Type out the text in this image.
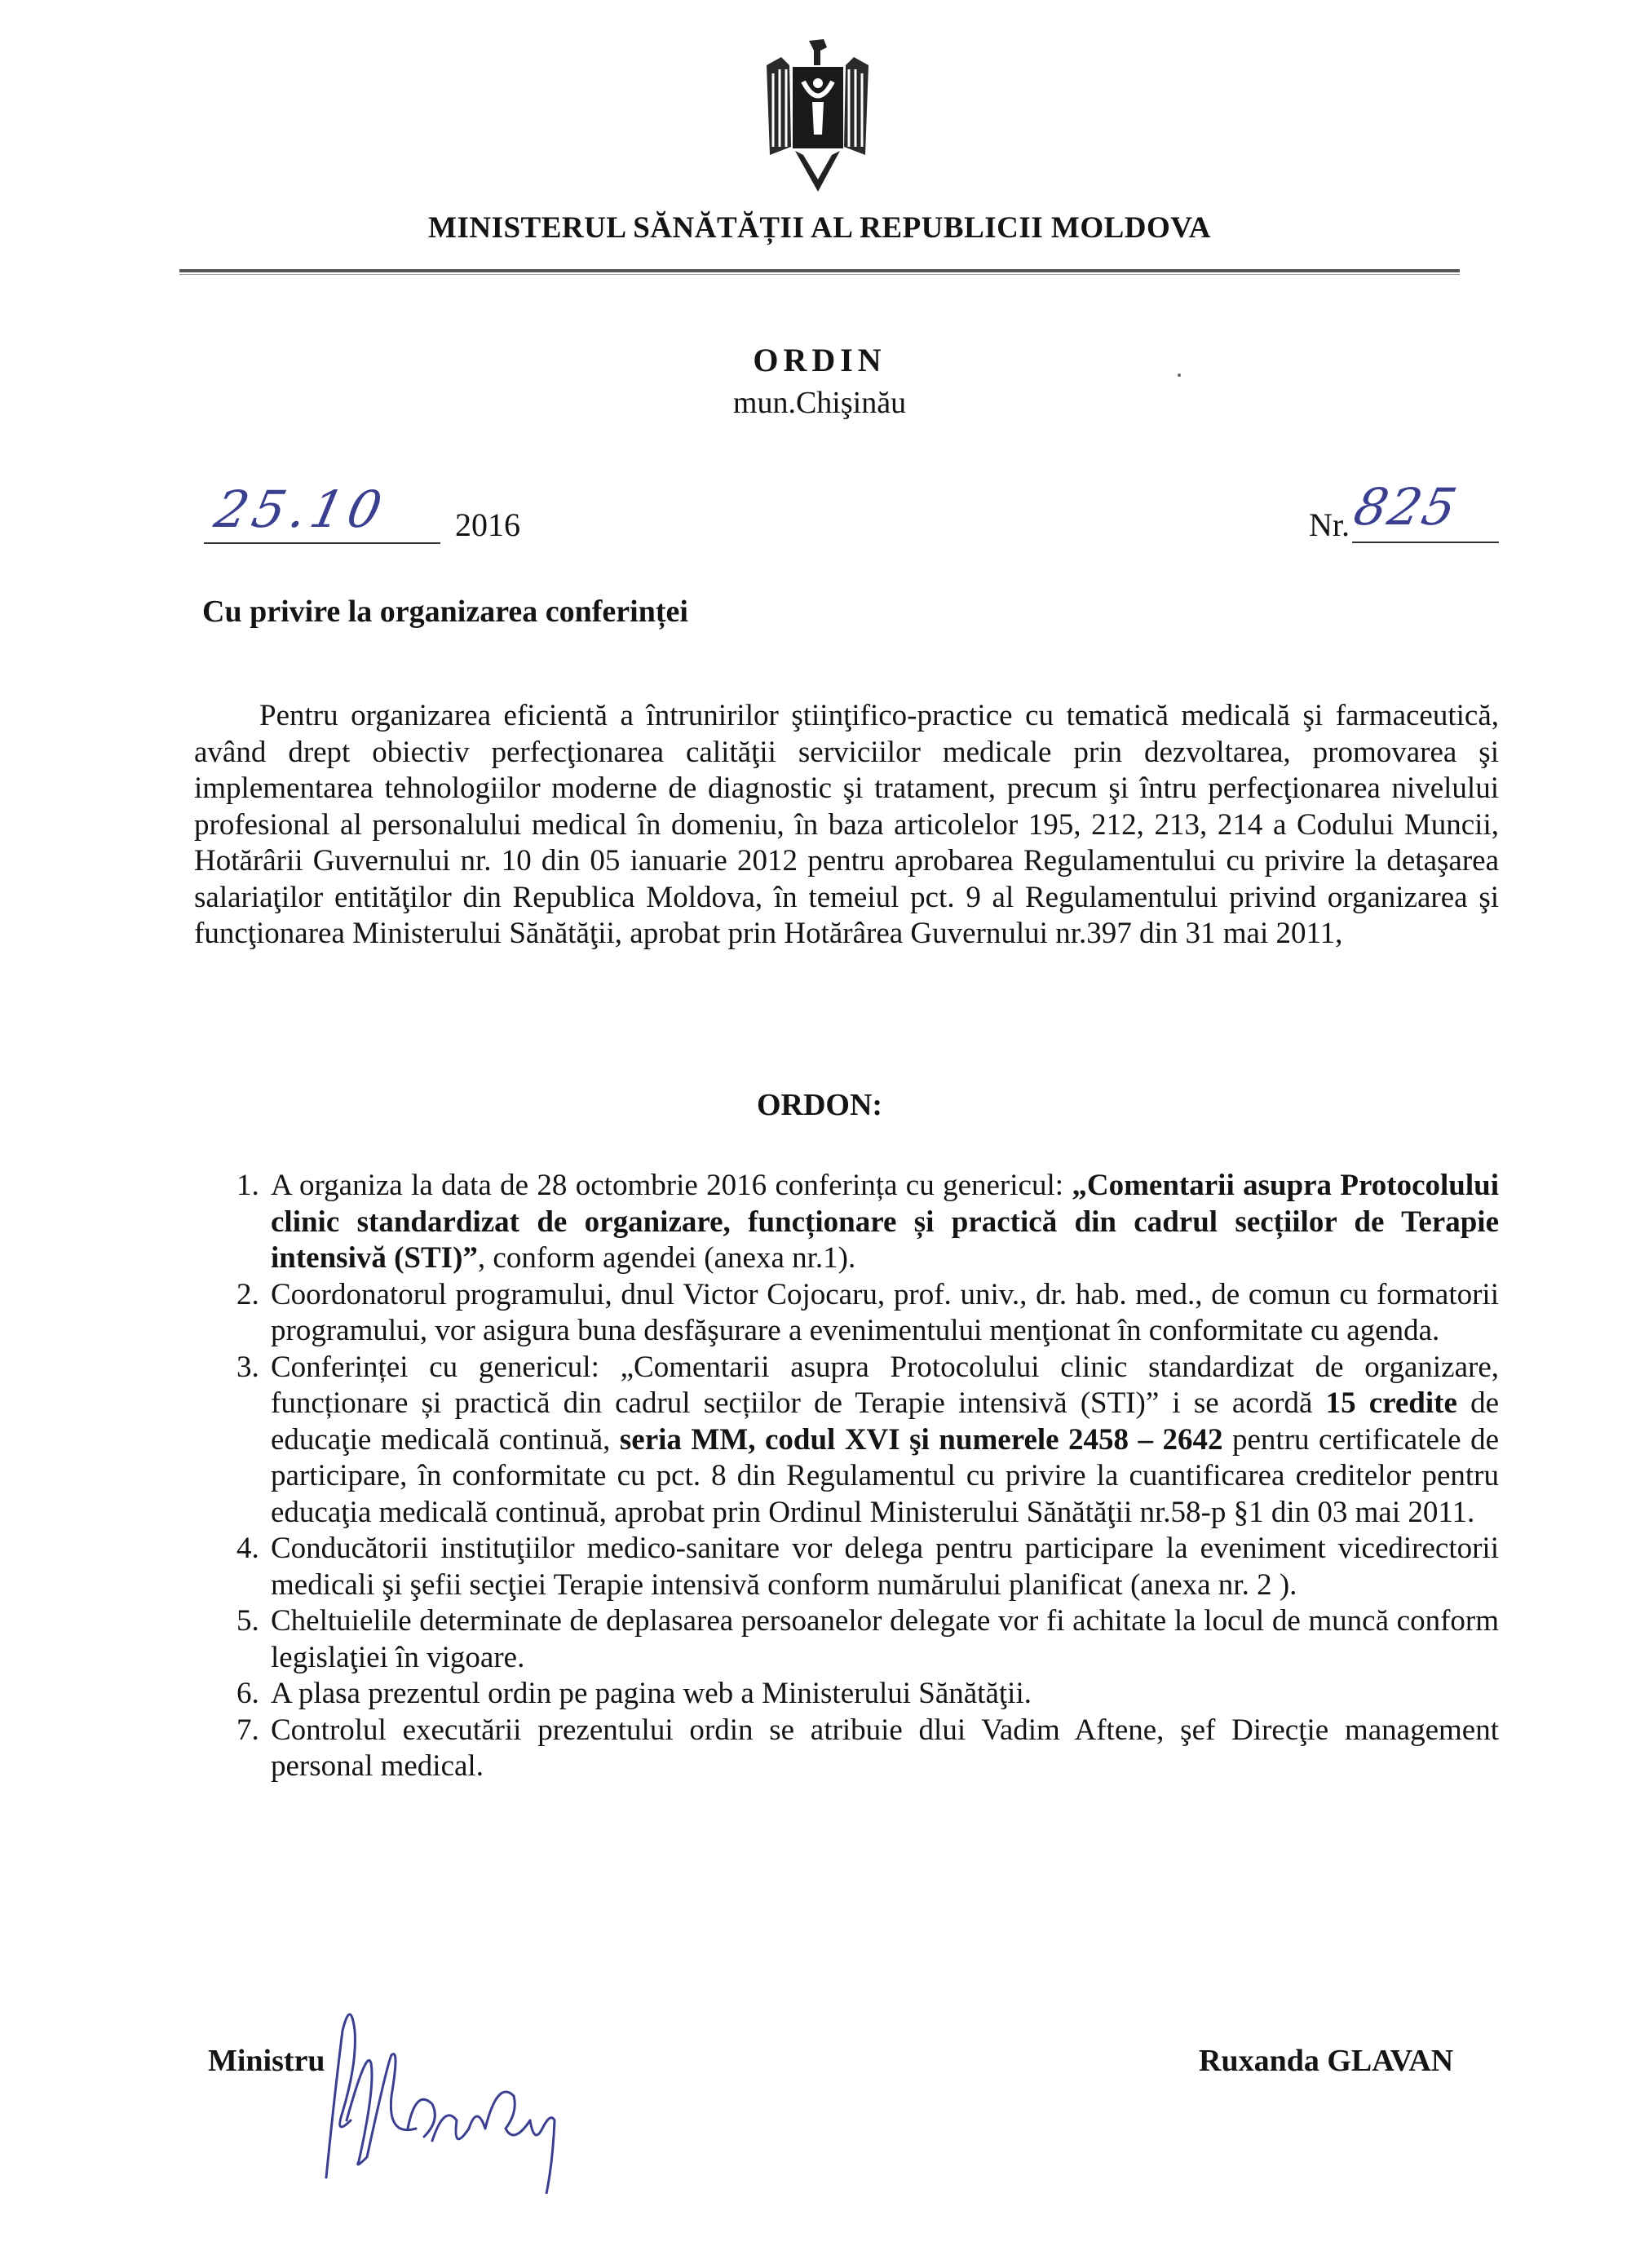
MINISTERUL SĂNĂTĂȚII AL REPUBLICII MOLDOVA
ORDIN
mun.Chişinău
25.10 2016	Nr. 825
Cu privire la organizarea conferinței

Pentru organizarea eficientă a întrunirilor ştiinţifico-practice cu tematică medicală şi farmaceutică, având drept obiectiv perfecţionarea calităţii serviciilor medicale prin dezvoltarea, promovarea şi implementarea tehnologiilor moderne de diagnostic şi tratament, precum şi întru perfecţionarea nivelului profesional al personalului medical în domeniu, în baza articolelor 195, 212, 213, 214 a Codului Muncii, Hotărârii Guvernului nr. 10 din 05 ianuarie 2012 pentru aprobarea Regulamentului cu privire la detaşarea salariaţilor entităţilor din Republica Moldova, în temeiul pct. 9 al Regulamentului privind organizarea şi funcţionarea Ministerului Sănătăţii, aprobat prin Hotărârea Guvernului nr.397 din 31 mai 2011,

ORDON:
1. A organiza la data de 28 octombrie 2016 conferința cu genericul: „Comentarii asupra Protocolului clinic standardizat de organizare, funcționare și practică din cadrul secțiilor de Terapie intensivă (STI)”, conform agendei (anexa nr.1).
2. Coordonatorul programului, dnul Victor Cojocaru, prof. univ., dr. hab. med., de comun cu formatorii programului, vor asigura buna desfăşurare a evenimentului menţionat în conformitate cu agenda.
3. Conferinței cu genericul: „Comentarii asupra Protocolului clinic standardizat de organizare, funcționare și practică din cadrul secțiilor de Terapie intensivă (STI)” i se acordă 15 credite de educaţie medicală continuă, seria MM, codul XVI şi numerele 2458 – 2642 pentru certificatele de participare, în conformitate cu pct. 8 din Regulamentul cu privire la cuantificarea creditelor pentru educaţia medicală continuă, aprobat prin Ordinul Ministerului Sănătăţii nr.58-p §1 din 03 mai 2011.
4. Conducătorii instituţiilor medico-sanitare vor delega pentru participare la eveniment vicedirectorii medicali şi şefii secţiei Terapie intensivă conform numărului planificat (anexa nr. 2 ).
5. Cheltuielile determinate de deplasarea persoanelor delegate vor fi achitate la locul de muncă conform legislaţiei în vigoare.
6. A plasa prezentul ordin pe pagina web a Ministerului Sănătăţii.
7. Controlul executării prezentului ordin se atribuie dlui Vadim Aftene, şef Direcţie management personal medical.
Ministru	Ruxanda GLAVAN
